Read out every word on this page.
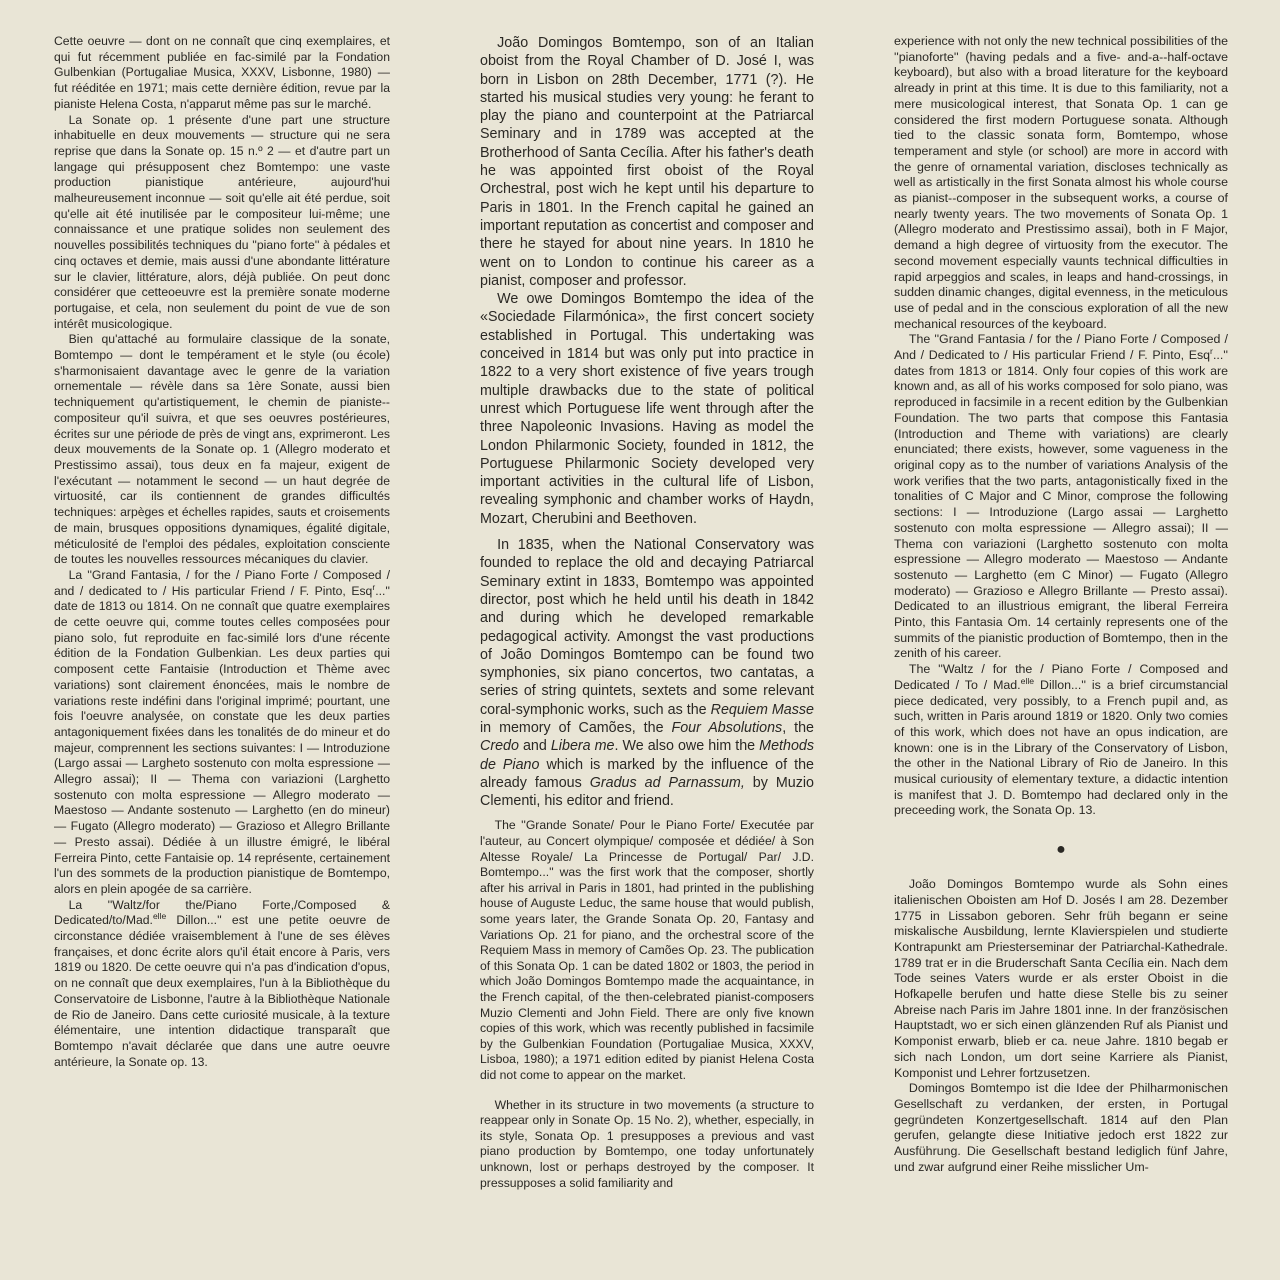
Cette oeuvre — dont on ne connaît que cinq exemplaires, et qui fut récemment publiée en fac-similé par la Fondation Gulbenkian (Portugaliae Musica, XXXV, Lisbonne, 1980) — fut rééditée en 1971; mais cette dernière édition, revue par la pianiste Helena Costa, n'apparut même pas sur le marché.

La Sonate op. 1 présente d'une part une structure inhabituelle en deux mouvements — structure qui ne sera reprise que dans la Sonate op. 15 n.º 2 — et d'autre part un langage qui présupposent chez Bomtempo: une vaste production pianistique antérieure, aujourd'hui malheureusement inconnue — soit qu'elle ait été perdue, soit qu'elle ait été inutilisée par le compositeur lui-même; une connaissance et une pratique solides non seulement des nouvelles possibilités techniques du ''piano forte'' à pédales et cinq octaves et demie, mais aussi d'une abondante littérature sur le clavier, littérature, alors, déjà publiée. On peut donc considérer que cetteoeuvre est la première sonate moderne portugaise, et cela, non seulement du point de vue de son intérêt musicologique.

Bien qu'attaché au formulaire classique de la sonate, Bomtempo — dont le tempérament et le style (ou école) s'harmonisaient davantage avec le genre de la variation ornementale — révèle dans sa 1ère Sonate, aussi bien techniquement qu'artistiquement, le chemin de pianiste--compositeur qu'il suivra, et que ses oeuvres postérieures, écrites sur une période de près de vingt ans, exprimeront. Les deux mouvements de la Sonate op. 1 (Allegro moderato et Prestissimo assai), tous deux en fa majeur, exigent de l'exécutant — notamment le second — un haut degrée de virtuosité, car ils contiennent de grandes difficultés techniques: arpèges et échelles rapides, sauts et croisements de main, brusques oppositions dynamiques, égalité digitale, méticulosité de l'emploi des pédales, exploitation consciente de toutes les nouvelles ressources mécaniques du clavier.

La ''Grand Fantasia, / for the / Piano Forte / Composed / and / dedicated to / His particular Friend / F. Pinto, Esq$^r$...'' date de 1813 ou 1814. On ne connaît que quatre exemplaires de cette oeuvre qui, comme toutes celles composées pour piano solo, fut reproduite en fac-similé lors d'une récente édition de la Fondation Gulbenkian. Les deux parties qui composent cette Fantaisie (Introduction et Thème avec variations) sont clairement énoncées, mais le nombre de variations reste indéfini dans l'original imprimé; pourtant, une fois l'oeuvre analysée, on constate que les deux parties antagoniquement fixées dans les tonalités de do mineur et do majeur, comprennent les sections suivantes: I — Introduzione (Largo assai — Largheto sostenuto con molta espressione — Allegro assai); II — Thema con variazioni (Larghetto sostenuto con molta espressione — Allegro moderato — Maestoso — Andante sostenuto — Larghetto (en do mineur) — Fugato (Allegro moderato) — Grazioso et Allegro Brillante — Presto assai). Dédiée à un illustre émigré, le libéral Ferreira Pinto, cette Fantaisie op. 14 représente, certainement l'un des sommets de la production pianistique de Bomtempo, alors en plein apogée de sa carrière.

La ''Waltz/for the/Piano Forte,/Composed & Dedicated/to/Mad.$^{elle}$ Dillon...'' est une petite oeuvre de circonstance dédiée vraisemblement à l'une de ses élèves françaises, et donc écrite alors qu'il était encore à Paris, vers 1819 ou 1820. De cette oeuvre qui n'a pas d'indication d'opus, on ne connaît que deux exemplaires, l'un à la Bibliothèque du Conservatoire de Lisbonne, l'autre à la Bibliothèque Nationale de Rio de Janeiro. Dans cette curiosité musicale, à la texture élémentaire, une intention didactique transparaît que Bomtempo n'avait déclarée que dans une autre oeuvre antérieure, la Sonate op. 13.

João Domingos Bomtempo, son of an Italian oboist from the Royal Chamber of D. José I, was born in Lisbon on 28th December, 1771 (?). He started his musical studies very young: he ferant to play the piano and counterpoint at the Patriarcal Seminary and in 1789 was accepted at the Brotherhood of Santa Cecília. After his father's death he was appointed first oboist of the Royal Orchestral, post wich he kept until his departure to Paris in 1801. In the French capital he gained an important reputation as concertist and composer and there he stayed for about nine years. In 1810 he went on to London to continue his career as a pianist, composer and professor.

We owe Domingos Bomtempo the idea of the «Sociedade Filarmónica», the first concert society established in Portugal. This undertaking was conceived in 1814 but was only put into practice in 1822 to a very short existence of five years trough multiple drawbacks due to the state of political unrest which Portuguese life went through after the three Napoleonic Invasions. Having as model the London Philarmonic Society, founded in 1812, the Portuguese Philarmonic Society developed very important activities in the cultural life of Lisbon, revealing symphonic and chamber works of Haydn, Mozart, Cherubini and Beethoven.

In 1835, when the National Conservatory was founded to replace the old and decaying Patriarcal Seminary extint in 1833, Bomtempo was appointed director, post which he held until his death in 1842 and during which he developed remarkable pedagogical activity. Amongst the vast productions of João Domingos Bomtempo can be found two symphonies, six piano concertos, two cantatas, a series of string quintets, sextets and some relevant coral-symphonic works, such as the Requiem Masse in memory of Camões, the Four Absolutions, the Credo and Libera me. We also owe him the Methods de Piano which is marked by the influence of the already famous Gradus ad Parnassum, by Muzio Clementi, his editor and friend.

The ''Grande Sonate/ Pour le Piano Forte/ Executée par l'auteur, au Concert olympique/ composée et dédiée/ à Son Altesse Royale/ La Princesse de Portugal/ Par/ J.D. Bomtempo...'' was the first work that the composer, shortly after his arrival in Paris in 1801, had printed in the publishing house of Auguste Leduc, the same house that would publish, some years later, the Grande Sonata Op. 20, Fantasy and Variations Op. 21 for piano, and the orchestral score of the Requiem Mass in memory of Camões Op. 23. The publication of this Sonata Op. 1 can be dated 1802 or 1803, the period in which João Domingos Bomtempo made the acquaintance, in the French capital, of the then-celebrated pianist-composers Muzio Clementi and John Field. There are only five known copies of this work, which was recently published in facsimile by the Gulbenkian Foundation (Portugaliae Musica, XXXV, Lisboa, 1980); a 1971 edition edited by pianist Helena Costa did not come to appear on the market.

Whether in its structure in two movements (a structure to reappear only in Sonate Op. 15 No. 2), whether, especially, in its style, Sonata Op. 1 presupposes a previous and vast piano production by Bomtempo, one today unfortunately unknown, lost or perhaps destroyed by the composer. It pressupposes a solid familiarity and

experience with not only the new technical possibilities of the ''pianoforte'' (having pedals and a five- and-a--half-octave keyboard), but also with a broad literature for the keyboard already in print at this time. It is due to this familiarity, not a mere musicological interest, that Sonata Op. 1 can ge considered the first modern Portuguese sonata. Although tied to the classic sonata form, Bomtempo, whose temperament and style (or school) are more in accord with the genre of ornamental variation, discloses technically as well as artistically in the first Sonata almost his whole course as pianist--composer in the subsequent works, a course of nearly twenty years. The two movements of Sonata Op. 1 (Allegro moderato and Prestissimo assai), both in F Major, demand a high degree of virtuosity from the executor. The second movement especially vaunts technical difficulties in rapid arpeggios and scales, in leaps and hand-crossings, in sudden dinamic changes, digital evenness, in the meticulous use of pedal and in the conscious exploration of all the new mechanical resources of the keyboard.

The ''Grand Fantasia / for the / Piano Forte / Composed / And / Dedicated to / His particular Friend / F. Pinto, Esq$^r$...'' dates from 1813 or 1814. Only four copies of this work are known and, as all of his works composed for solo piano, was reproduced in facsimile in a recent edition by the Gulbenkian Foundation. The two parts that compose this Fantasia (Introduction and Theme with variations) are clearly enunciated; there exists, however, some vagueness in the original copy as to the number of variations Analysis of the work verifies that the two parts, antagonistically fixed in the tonalities of C Major and C Minor, comprose the following sections: I — Introduzione (Largo assai — Larghetto sostenuto con molta espressione — Allegro assai); II — Thema con variazioni (Larghetto sostenuto con molta espressione — Allegro moderato — Maestoso — Andante sostenuto — Larghetto (em C Minor) — Fugato (Allegro moderato) — Grazioso e Allegro Brillante — Presto assai). Dedicated to an illustrious emigrant, the liberal Ferreira Pinto, this Fantasia Om. 14 certainly represents one of the summits of the pianistic production of Bomtempo, then in the zenith of his career.

The ''Waltz / for the / Piano Forte / Composed and Dedicated / To / Mad.$^{elle}$ Dillon...'' is a brief circumstancial piece dedicated, very possibly, to a French pupil and, as such, written in Paris around 1819 or 1820. Only two comies of this work, which does not have an opus indication, are known: one is in the Library of the Conservatory of Lisbon, the other in the National Library of Rio de Janeiro. In this musical curiousity of elementary texture, a didactic intention is manifest that J. D. Bomtempo had declared only in the preceeding work, the Sonata Op. 13.

●

João Domingos Bomtempo wurde als Sohn eines italienischen Oboisten am Hof D. Josés I am 28. Dezember 1775 in Lissabon geboren. Sehr früh begann er seine miskalische Ausbildung, lernte Klavierspielen und studierte Kontrapunkt am Priesterseminar der Patriarchal-Kathedrale. 1789 trat er in die Bruderschaft Santa Cecília ein. Nach dem Tode seines Vaters wurde er als erster Oboist in die Hofkapelle berufen und hatte diese Stelle bis zu seiner Abreise nach Paris im Jahre 1801 inne. In der französischen Hauptstadt, wo er sich einen glänzenden Ruf als Pianist und Komponist erwarb, blieb er ca. neue Jahre. 1810 begab er sich nach London, um dort seine Karriere als Pianist, Komponist und Lehrer fortzusetzen.

Domingos Bomtempo ist die Idee der Philharmonischen Gesellschaft zu verdanken, der ersten, in Portugal gegründeten Konzertgesellschaft. 1814 auf den Plan gerufen, gelangte diese Initiative jedoch erst 1822 zur Ausführung. Die Gesellschaft bestand lediglich fünf Jahre, und zwar aufgrund einer Reihe misslicher Um-
